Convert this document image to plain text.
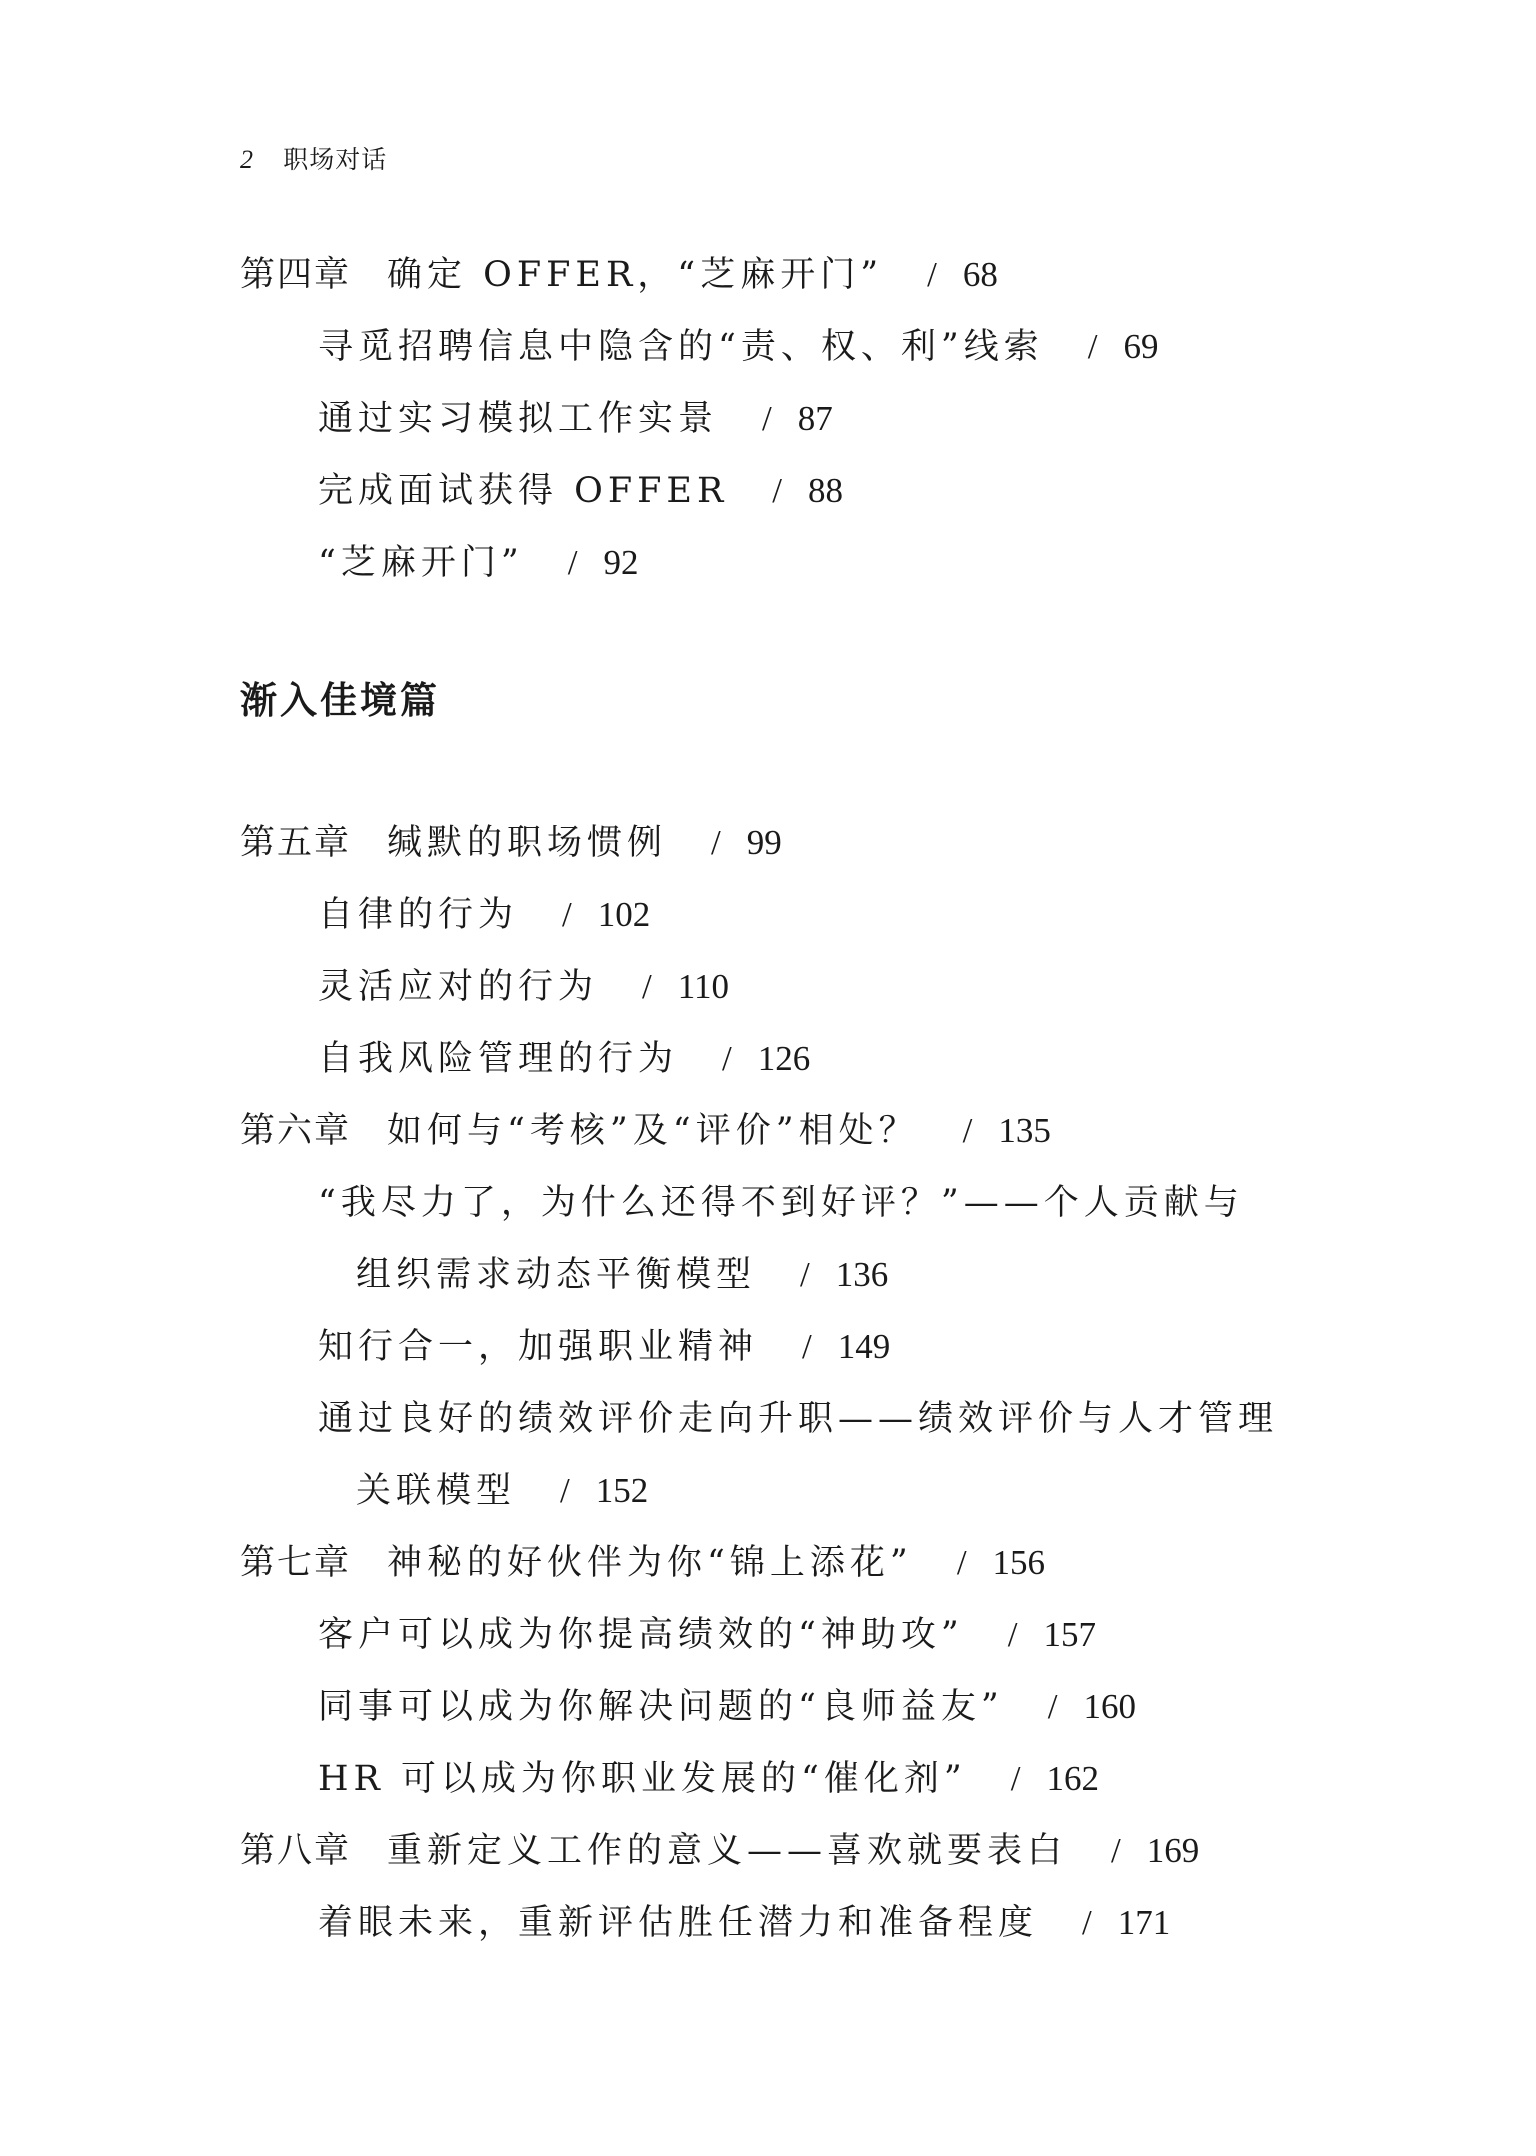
2 职场对话
第四章 确定 OFFER，“芝麻开门” / 68
寻觅招聘信息中隐含的“责、权、利”线索 / 69
通过实习模拟工作实景 / 87
完成面试获得 OFFER / 88
“芝麻开门” / 92
渐入佳境篇
第五章 缄默的职场惯例 / 99
自律的行为 / 102
灵活应对的行为 / 110
自我风险管理的行为 / 126
第六章 如何与“考核”及“评价”相处？ / 135
“我尽力了，为什么还得不到好评？”——个人贡献与
组织需求动态平衡模型 / 136
知行合一，加强职业精神 / 149
通过良好的绩效评价走向升职——绩效评价与人才管理
关联模型 / 152
第七章 神秘的好伙伴为你“锦上添花” / 156
客户可以成为你提高绩效的“神助攻” / 157
同事可以成为你解决问题的“良师益友” / 160
HR 可以成为你职业发展的“催化剂” / 162
第八章 重新定义工作的意义——喜欢就要表白 / 169
着眼未来，重新评估胜任潜力和准备程度 / 171
